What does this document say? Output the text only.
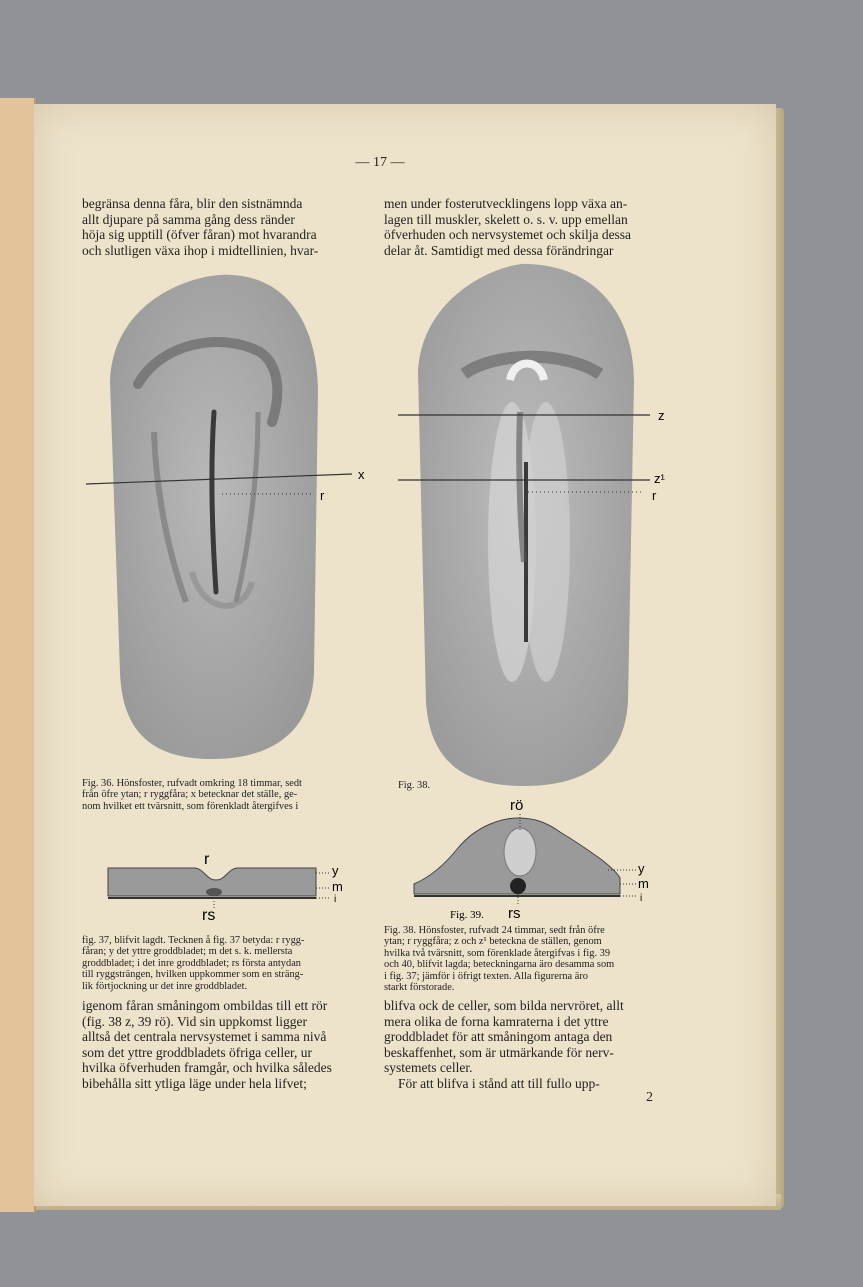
— 17 —
begränsa denna fåra, blir den sistnämnda
allt djupare på samma gång dess ränder
höja sig upptill (öfver fåran) mot hvarandra
och slutligen växa ihop i midtellinien, hvar-
men under fosterutvecklingens lopp växa an-
lagen till muskler, skelett o. s. v. upp emellan
öfverhuden och nervsystemet och skilja dessa
delar åt. Samtidigt med dessa förändringar
x
r
Fig. 36. Hönsfoster, rufvadt omkring 18 timmar, sedt
från öfre ytan; r ryggfåra; x betecknar det ställe, ge-
nom hvilket ett tvärsnitt, som förenkladt återgifves i
z
z¹
r
Fig. 38.
r
rs
y
m
i
fig. 37, blifvit lagdt. Tecknen å fig. 37 betyda: r rygg-
fåran; y det yttre groddbladet; m det s. k. mellersta
groddbladet; i det inre groddbladet; rs första antydan
till ryggsträngen, hvilken uppkommer som en sträng-
lik förtjockning ur det inre groddbladet.
rö
Fig. 39. rs
y
m
i
Fig. 38. Hönsfoster, rufvadt 24 timmar, sedt från öfre
ytan; r ryggfåra; z och z¹ beteckna de ställen, genom
hvilka två tvärsnitt, som förenklade återgifvas i fig. 39
och 40, blifvit lagda; beteckningarna äro desamma som
i fig. 37; jämför i öfrigt texten. Alla figurerna äro
starkt förstorade.
igenom fåran småningom ombildas till ett rör
(fig. 38 z, 39 rö). Vid sin uppkomst ligger
alltså det centrala nervsystemet i samma nivå
som det yttre groddbladets öfriga celler, ur
hvilka öfverhuden framgår, och hvilka således
bibehålla sitt ytliga läge under hela lifvet;
blifva ock de celler, som bilda nervröret, allt
mera olika de forna kamraterna i det yttre
groddbladet för att småningom antaga den
beskaffenhet, som är utmärkande för nerv-
systemets celler.
För att blifva i stånd att till fullo upp-
2
